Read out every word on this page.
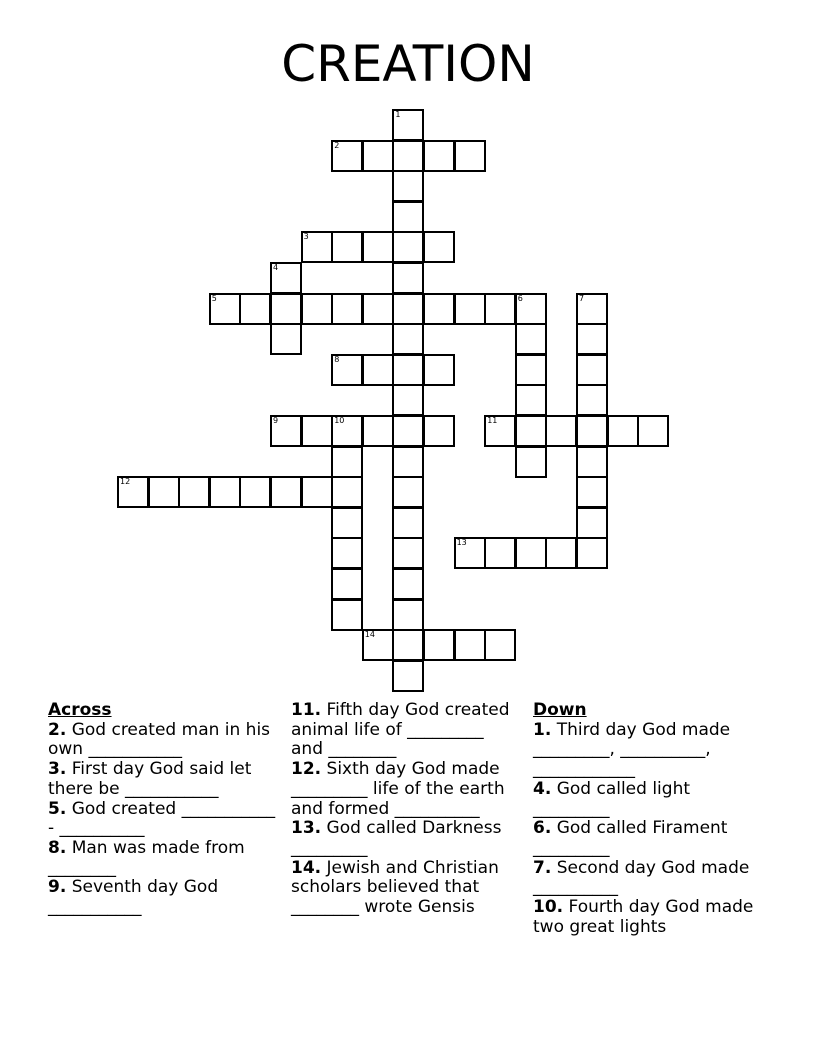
CREATION
1
2
3
4
5	6	7
8
9	10	11
12
13
14
Across
2. God created man in his own ___________
3. First day God said let there be ___________
5. God created ___________ - __________
8. Man was made from ________
9. Seventh day God ___________
11. Fifth day God created animal life of _________ and ________
12. Sixth day God made _________ life of the earth and formed __________
13. God called Darkness _________
14. Jewish and Christian scholars believed that ________ wrote Gensis
Down
1. Third day God made _________, __________, ____________
4. God called light _________
6. God called Firament _________
7. Second day God made __________
10. Fourth day God made two great lights
